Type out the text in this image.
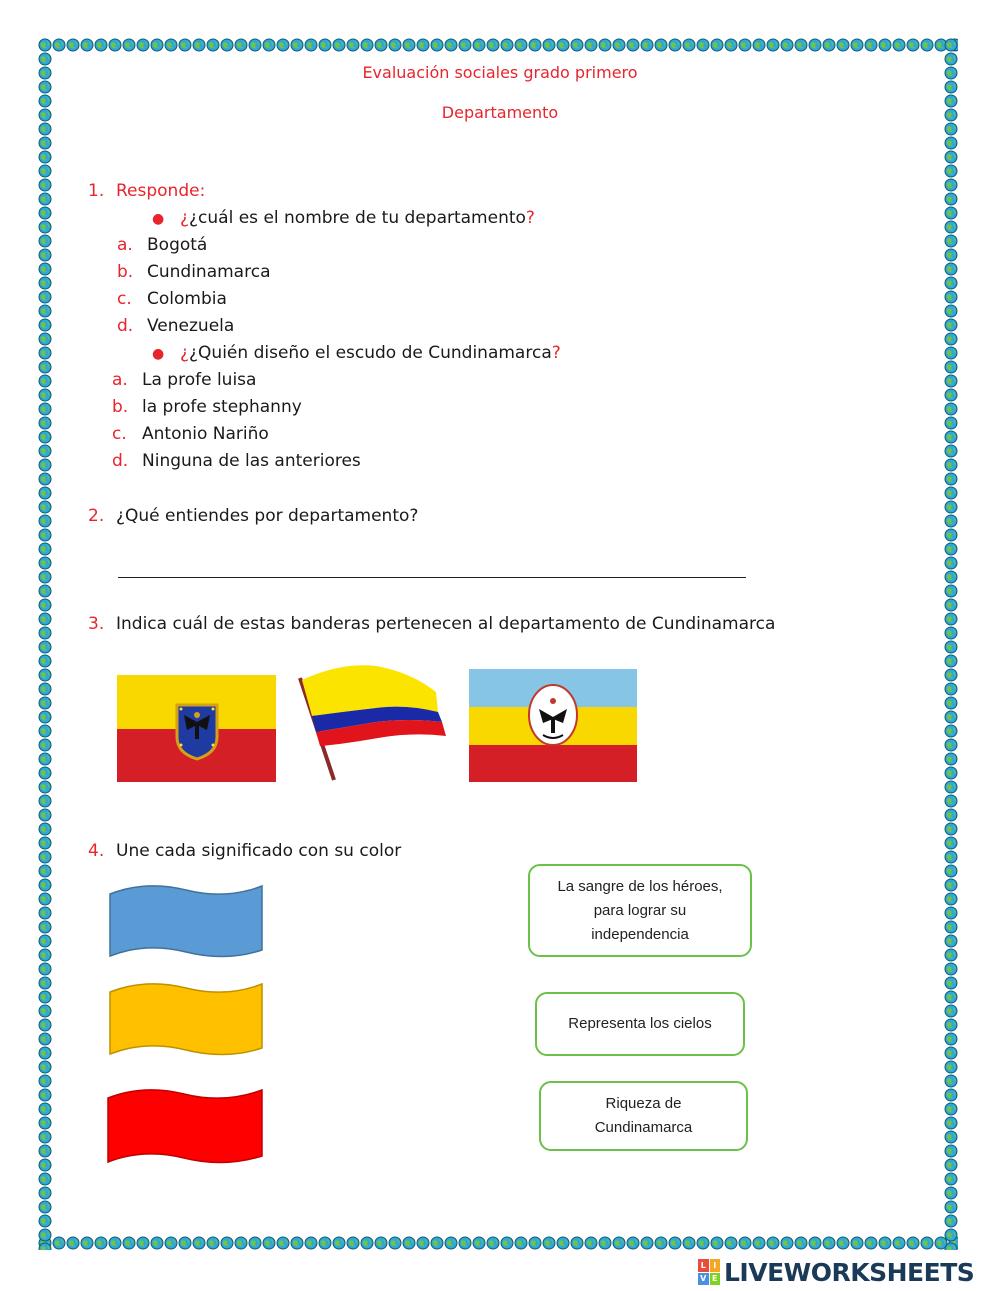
Evaluación sociales grado primero
Departamento
1. Responde:
● ¿¿cuál es el nombre de tu departamento?
a. Bogotá
b. Cundinamarca
c. Colombia
d. Venezuela
● ¿¿Quién diseño el escudo de Cundinamarca?
a. La profe luisa
b. la profe stephanny
c. Antonio Nariño
d. Ninguna de las anteriores
2. ¿Qué entiendes por departamento?
3. Indica cuál de estas banderas pertenecen al departamento de Cundinamarca
4. Une cada significado con su color
La sangre de los héroes,
para lograr su
independencia
Representa los cielos
Riqueza de
Cundinamarca
L I
V E LIVEWORKSHEETS
